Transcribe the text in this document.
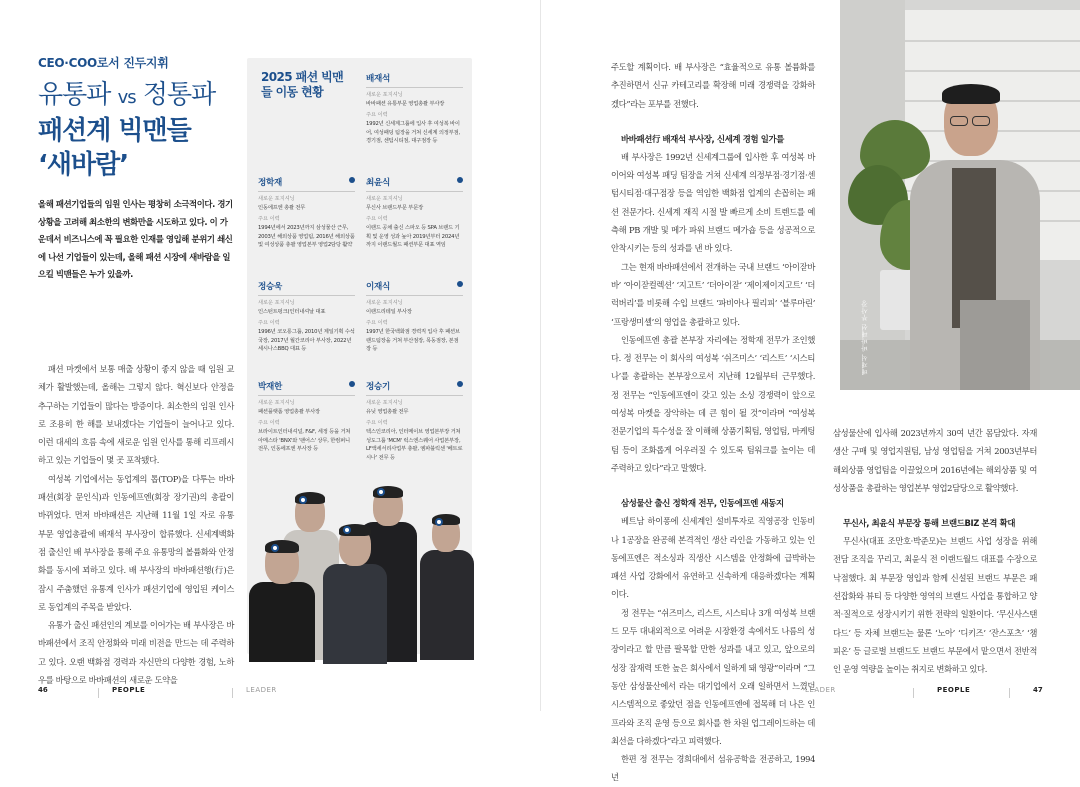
CEO·COO로서 진두지휘
유통파 vs 정통파
패션계 빅맨들
‘새바람’
올해 패션기업들의 임원 인사는 평창히 소극적이다. 경기 상황을 고려해 최소한의 변화만을 시도하고 있다. 이 가운데서 비즈니스에 꼭 필요한 인재를 영입해 분위기 쇄신에 나선 기업들이 있는데, 올해 패션 시장에 새바람을 일으킬 빅맨들은 누가 있을까.

패션 마켓에서 보통 매출 상황이 좋지 않을 때 임원 교체가 활발했는데, 올해는 그렇지 않다. 혁신보다 안정을 추구하는 기업들이 많다는 방증이다. 최소한의 임원 인사로 조용히 한 해를 보내겠다는 기업들이 늘어나고 있다. 이런 대세의 흐름 속에 새로운 임원 인사를 통해 리프레시하고 있는 기업들이 몇 곳 포착됐다.

여성복 기업에서는 동업계의 톱(TOP)을 다투는 바바패션(회장 문인식)과 인동에프엔(회장 장기권)의 총괄이 바뀌었다. 먼저 바바패션은 지난해 11월 1일 자로 유통 부문 영업총괄에 배재석 부사장이 합류했다. 신세계백화점 출신인 배 부사장을 통해 주요 유통망의 볼륨화와 안정화를 동시에 꾀하고 있다. 배 부사장의 바바패션행(行)은 잠시 주춤했던 유통계 인사가 패션기업에 영입된 케이스로 동업계의 주목을 받았다.

유통가 출신 패션인의 계보를 이어가는 배 부사장은 바바패션에서 조직 안정화와 미래 비전을 만드는 데 주력하고 있다. 오랜 백화점 경력과 자신만의 다양한 경험, 노하우를 바탕으로 바바패션의 새로운 도약을

2025 패션 빅맨들 이동 현황
배재석
새로운 포지셔닝
바바패션 유통부문 영업총괄 부사장
주요 이력
1992년 신세계그룹에 입사 후 여성복 바이어, 여성패딩 팀장을 거쳐 신세계 의정부점, 경기점, 센텀시티점, 대구점장 등
정학재
새로운 포지셔닝
인동에프엔 총괄 전무
주요 이력
1994년에서 2023년까지 삼성물산 근무, 2003년 해외상품 영업팀, 2016년 해외상품 및 여성상품 총괄 영업본부 영업2담당 활약
최윤식
새로운 포지셔닝
무신사 브랜드부문 부문장
주요 이력
이랜드 공채 출신 스파오 등 SPA 브랜드 기획 및 운영 성과 높아 2019년부터 2024년까지 이랜드월드 패션부문 대표 역임
정승욱
새로운 포지셔닝
인스턴트펑크(인터내셔날 대표
주요 이력
1996년 코오롱그룹, 2010년 제일기획 수석국장, 2017년 월간코리아 부사장, 2022년 세시나스BBQ 대표 등
이재식
새로운 포지셔닝
이랜드리테일 부사장
주요 이력
1997년 한국백화점 경력직 입사 후 패션브랜드팀장을 거쳐 부산점장, 목동점장, 본점장 등
박재한
새로운 포지셔닝
패션플랫폼 영업총괄 부사장
주요 이력
브라이트인터내셔널, F&F, 세정 등을 거쳐 아메스타 'BNX'와 '팬어스' 상무, 한컴퍼니 전무, 인동에프엔 부사장 등
정승기
새로운 포지셔닝
유닛 영업총괄 전무
주요 이력
텍스인코리아, 인터메이브 영업본부장 거쳐 성도그룹 'MCM' 럭스엔스퀘어 사업본부장, LF액세서리사업부 총괄, 엠파블릭센 '베트로시나' 전무 등
46	PEOPLE	LEADER

주도할 계획이다. 배 부사장은 “효율적으로 유통 볼륨화를 추진하면서 신규 카테고리를 확장해 미래 경쟁력을 강화하겠다”라는 포부를 전했다.

바바패션行 배재석 부사장, 신세계 경험 일가를

배 부사장은 1992년 신세계그룹에 입사한 후 여성복 바이어와 여성복 패딩 팀장을 거쳐 신세계 의정부점·경기점·센텀시티점·대구점장 등을 역임한 백화점 업계의 손꼽히는 패션 전문가다. 신세계 재직 시절 발 빠르게 소비 트렌드를 예측해 PB 개발 및 메가 파워 브랜드 메가숍 등을 성공적으로 안착시키는 등의 성과를 낸 바 있다.

그는 현재 바바패션에서 전개하는 국내 브랜드 ‘아이잗바바’ ‘아이잗컬렉션’ ‘지고트’ ‘더아이잗’ ‘제이제이지고트’ ‘더럭버리’를 비롯해 수입 브랜드 ‘파비아나 필리피’ ‘블루마린’ ‘프랑생미셸’의 영업을 총괄하고 있다.

인동에프엔 총괄 본부장 자리에는 정학재 전무가 조인했다. 정 전무는 이 회사의 여성복 ‘쉬즈미스’ ‘리스트’ ‘시스티나’를 총괄하는 본부장으로서 지난해 12월부터 근무했다. 정 전무는 “인동에프엔이 갖고 있는 소싱 경쟁력이 앞으로 여성복 마켓을 장악하는 데 큰 힘이 될 것”이라며 “여성복 전문기업의 특수성을 잘 이해해 상품기획팀, 영업팀, 마케팅팀 등이 조화롭게 어우러질 수 있도록 팀워크를 높이는 데 주력하고 있다”라고 말했다.

삼성물산 출신 정학재 전무, 인동에프엔 새동지

베트남 하이퐁에 신세계인 설비투자로 직영공장 인동비나 1공장을 완공해 본격적인 생산 라인을 가동하고 있는 인동에프엔은 적소싱과 직생산 시스템을 안정화에 급박하는 패션 사업 강화에서 유연하고 신속하게 대응하겠다는 계획이다.

정 전무는 “쉬즈미스, 리스트, 시스티나 3개 여성복 브랜드 모두 대내외적으로 어려운 시장환경 속에서도 나름의 성장이라고 할 만큼 팔목할 만한 성과를 내고 있고, 앞으로의 성장 잠재력 또한 높은 회사에서 일하게 돼 영광”이라며 “그동안 삼성물산에서 라는 대기업에서 오래 일하면서 느꼈던 시스템적으로 좋았던 점을 인동에프엔에 접목해 더 나은 인프라와 조직 운영 등으로 회사를 한 차원 업그레이드하는 데 최선을 다하겠다”라고 피력했다.

한편 정 전무는 경희대에서 섬유공학을 전공하고, 1994년

삼성물산에 입사해 2023년까지 30여 년간 몸담았다. 자재 생산 구매 및 영업지원팀, 남성 영업팀을 거쳐 2003년부터 해외상품 영업팀을 이끌었으며 2016년에는 해외상품 및 여성상품을 총괄하는 영업본부 영업2담당으로 활약했다.

무신사, 최윤식 부문장 통해 브랜드BIZ 본격 확대

무신사(대표 조만호·박준모)는 브랜드 사업 성장을 위해 전담 조직을 꾸리고, 최윤식 전 이랜드월드 대표를 수장으로 낙점했다. 최 부문장 영입과 함께 신설된 브랜드 부문은 패션잡화와 뷰티 등 다양한 영역의 브랜드 사업을 통합하고 양적·질적으로 성장시키기 위한 전략의 일환이다. ‘무신사스탠다드’ 등 자체 브랜드는 물론 ‘노아’ ‘디키즈’ ‘잔스포츠’ ‘챔피온’ 등 글로벌 브랜드도 브랜드 부문에서 맡으면서 전반적인 운영 역량을 높이는 취지로 변화하고 있다.

LEADER	PEOPLE	47
배재석 바바패션 부사장
